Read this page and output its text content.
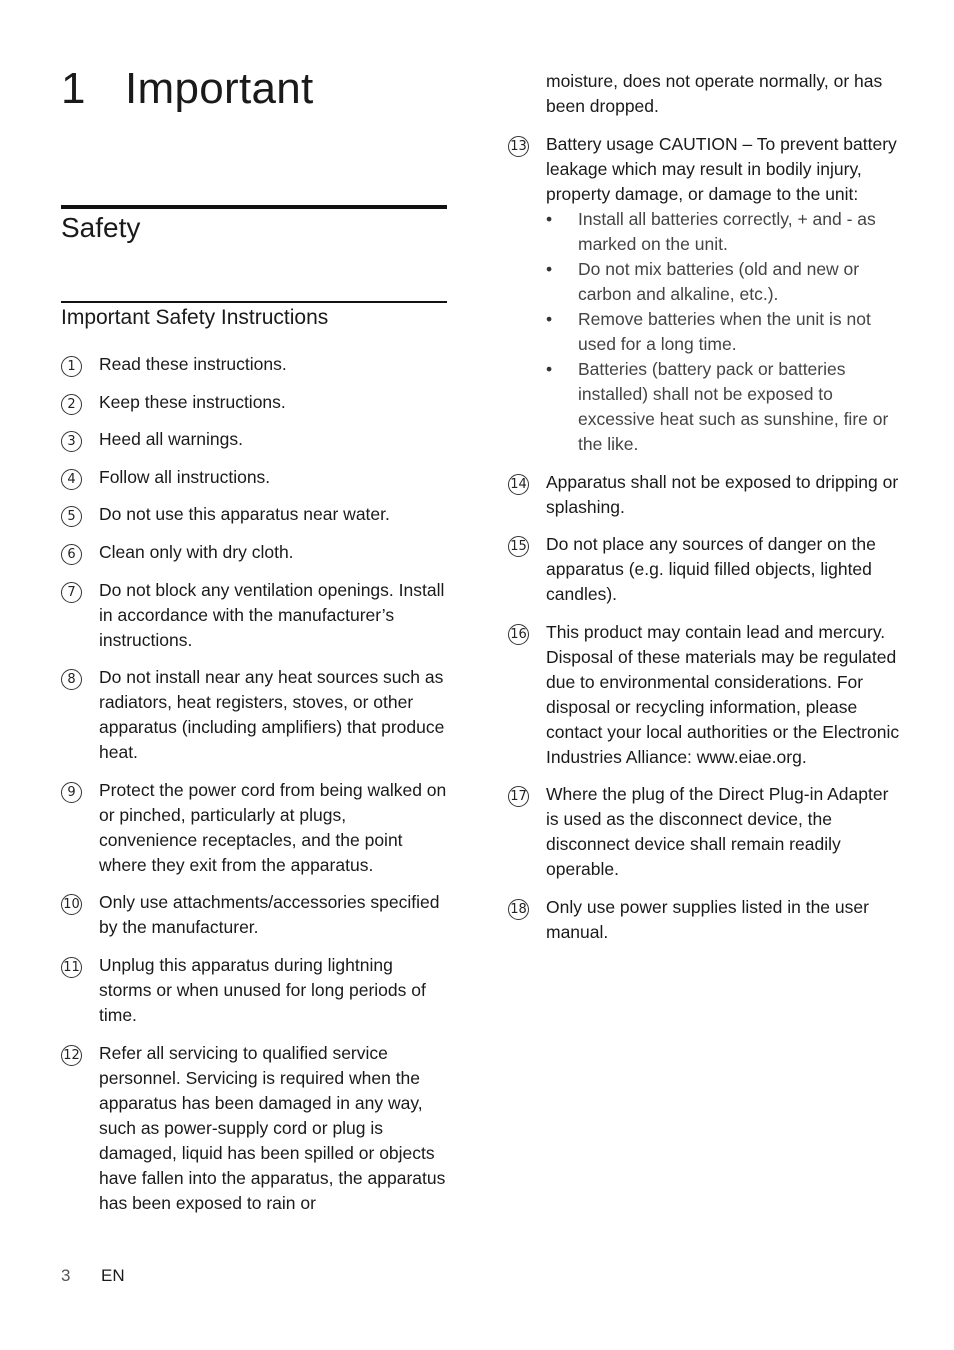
1 Important
Safety
Important Safety Instructions
1	Read these instructions.
2	Keep these instructions.
3	Heed all warnings.
4	Follow all instructions.
5	Do not use this apparatus near water.
6	Clean only with dry cloth.
7	Do not block any ventilation openings. Install in accordance with the manufacturer’s instructions.
8	Do not install near any heat sources such as radiators, heat registers, stoves, or other apparatus (including amplifiers) that produce heat.
9	Protect the power cord from being walked on or pinched, particularly at plugs, convenience receptacles, and the point where they exit from the apparatus.
10 Only use attachments/accessories specified by the manufacturer.
11 Unplug this apparatus during lightning storms or when unused for long periods of time.
12 Refer all servicing to qualified service personnel. Servicing is required when the apparatus has been damaged in any way, such as power-supply cord or plug is damaged, liquid has been spilled or objects have fallen into the apparatus, the apparatus has been exposed to rain or

moisture, does not operate normally, or has been dropped.

13 Battery usage CAUTION – To prevent battery leakage which may result in bodily injury, property damage, or damage to the unit:
• Install all batteries correctly, + and - as marked on the unit.
• Do not mix batteries (old and new or carbon and alkaline, etc.).
• Remove batteries when the unit is not used for a long time.
• Batteries (battery pack or batteries installed) shall not be exposed to excessive heat such as sunshine, fire or the like.
14 Apparatus shall not be exposed to dripping or splashing.
15 Do not place any sources of danger on the apparatus (e.g. liquid filled objects, lighted candles).
16 This product may contain lead and mercury. Disposal of these materials may be regulated due to environmental considerations. For disposal or recycling information, please contact your local authorities or the Electronic Industries Alliance: www.eiae.org.
17 Where the plug of the Direct Plug-in Adapter is used as the disconnect device, the disconnect device shall remain readily operable.
18 Only use power supplies listed in the user manual.
3 EN
